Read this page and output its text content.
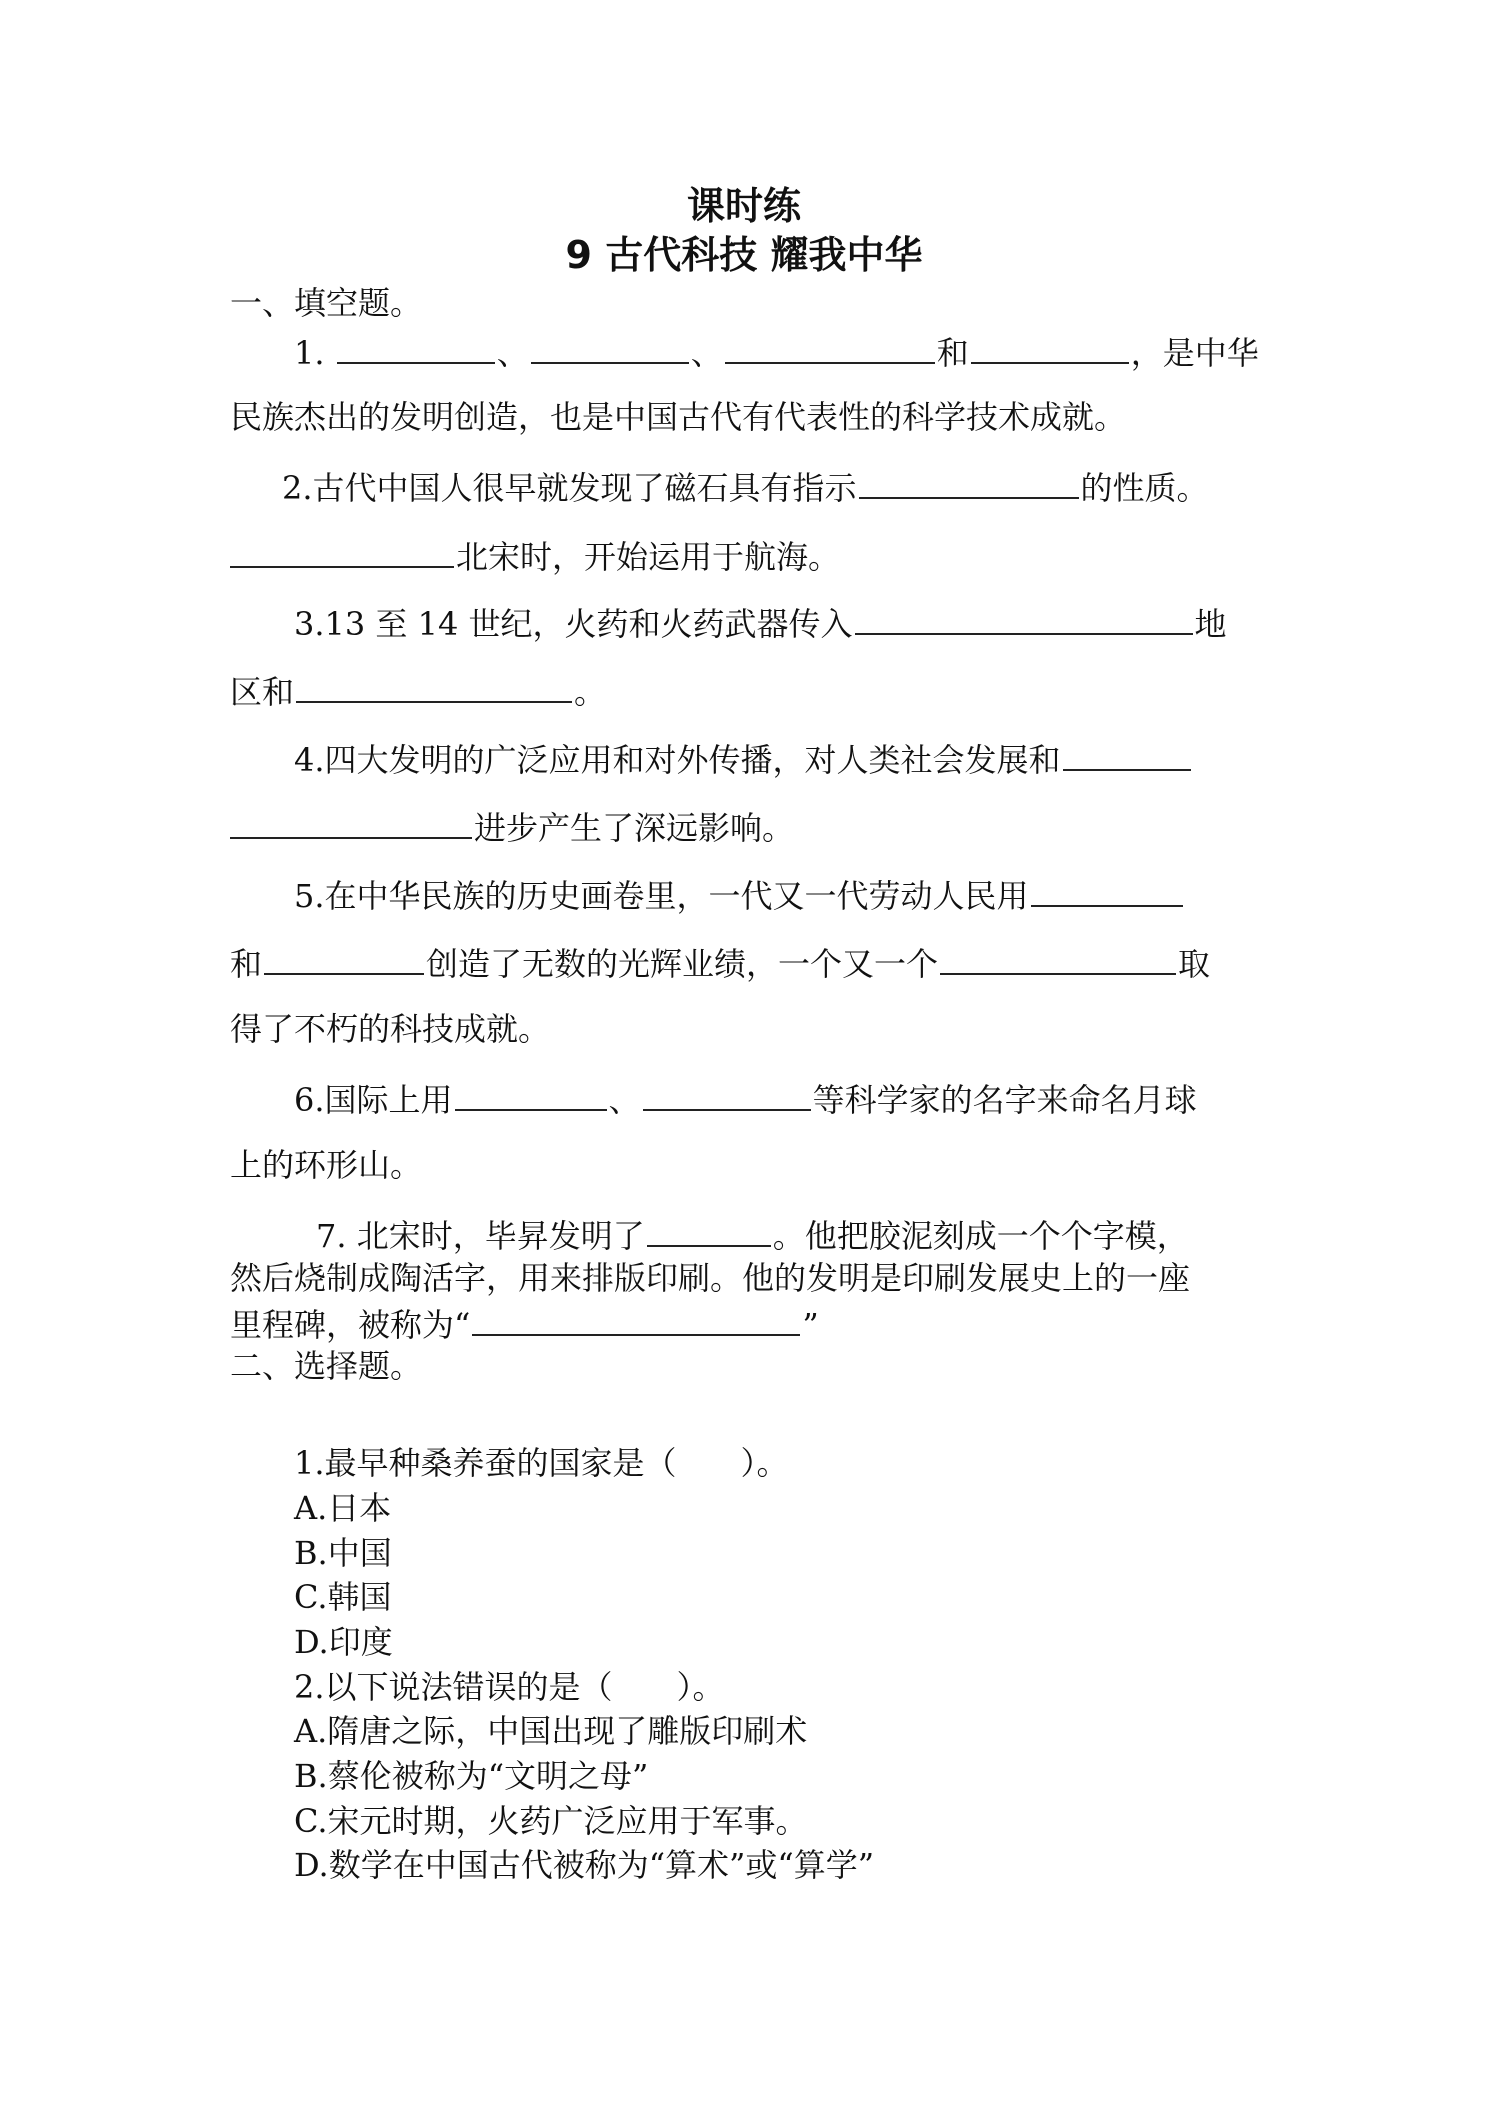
课时练
9 古代科技 耀我中华
一、填空题。
1.	、	、	和	，是中华
民族杰出的发明创造，也是中国古代有代表性的科学技术成就。
2.古代中国人很早就发现了磁石具有指示	的性质。
北宋时，开始运用于航海。
3.13 至 14 世纪，火药和火药武器传入	地
区和	。
4.四大发明的广泛应用和对外传播，对人类社会发展和
进步产生了深远影响。
5.在中华民族的历史画卷里，一代又一代劳动人民用
和	创造了无数的光辉业绩，一个又一个	取
得了不朽的科技成就。
6.国际上用	、	等科学家的名字来命名月球
上的环形山。
7. 北宋时，毕昇发明了	。他把胶泥刻成一个个字模，
然后烧制成陶活字，用来排版印刷。他的发明是印刷发展史上的一座
里程碑，被称为“	”
二、选择题。
1.最早种桑养蚕的国家是（　　）。
A.日本
B.中国
C.韩国
D.印度
2.以下说法错误的是（　　）。
A.隋唐之际，中国出现了雕版印刷术
B.蔡伦被称为“文明之母”
C.宋元时期，火药广泛应用于军事。
D.数学在中国古代被称为“算术”或“算学”
